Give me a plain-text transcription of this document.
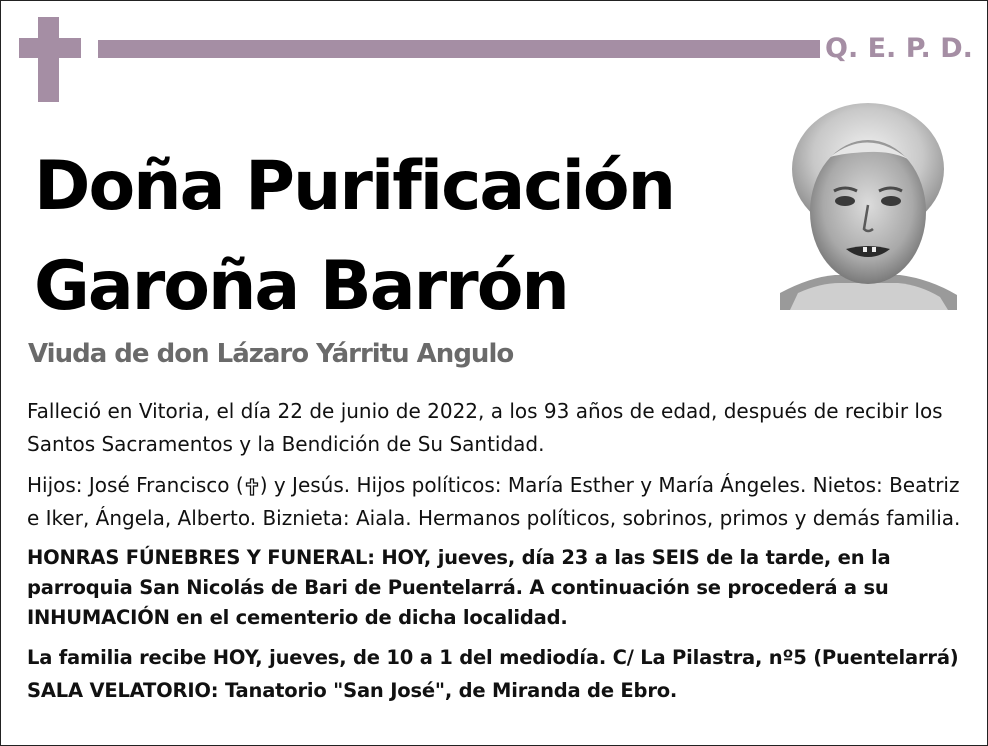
Q. E. P. D.
Doña Purificación
Garoña Barrón
Viuda de don Lázaro Yárritu Angulo

Falleció en Vitoria, el día 22 de junio de 2022, a los 93 años de edad, después de recibir los Santos Sacramentos y la Bendición de Su Santidad.

Hijos: José Francisco ( ) y Jesús. Hijos políticos: María Esther y María Ángeles. Nietos: Beatriz e Iker, Ángela, Alberto. Biznieta: Aiala. Hermanos políticos, sobrinos, primos y demás familia.

HONRAS FÚNEBRES Y FUNERAL: HOY, jueves, día 23 a las SEIS de la tarde, en la parroquia San Nicolás de Bari de Puentelarrá. A continuación se procederá a su INHUMACIÓN en el cementerio de dicha localidad.

La familia recibe HOY, jueves, de 10 a 1 del mediodía. C/ La Pilastra, nº5 (Puentelarrá)

SALA VELATORIO: Tanatorio "San José", de Miranda de Ebro.
